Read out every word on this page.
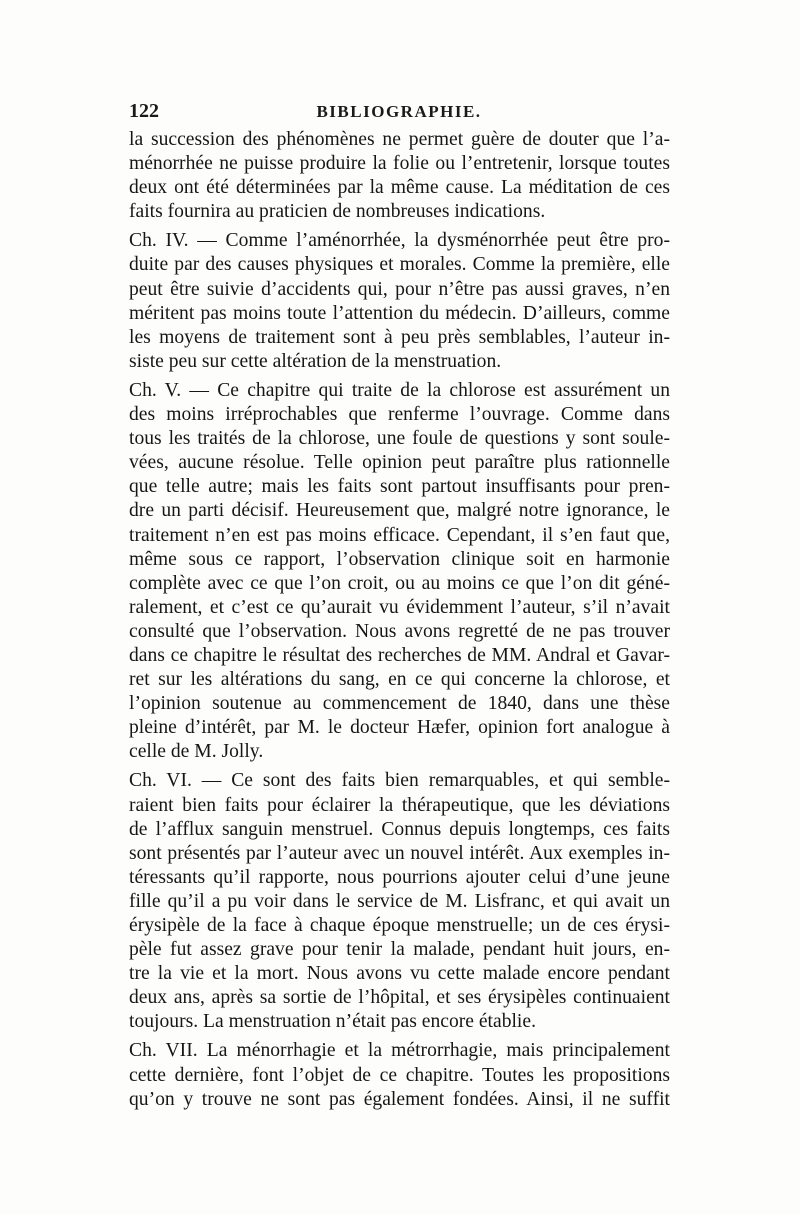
122	BIBLIOGRAPHIE.
la succession des phénomènes ne permet guère de douter que l’a-
ménorrhée ne puisse produire la folie ou l’entretenir, lorsque toutes
deux ont été déterminées par la même cause. La méditation de ces
faits fournira au praticien de nombreuses indications.
Ch. IV. — Comme l’aménorrhée, la dysménorrhée peut être pro-
duite par des causes physiques et morales. Comme la première, elle
peut être suivie d’accidents qui, pour n’être pas aussi graves, n’en
méritent pas moins toute l’attention du médecin. D’ailleurs, comme
les moyens de traitement sont à peu près semblables, l’auteur in-
siste peu sur cette altération de la menstruation.
Ch. V. — Ce chapitre qui traite de la chlorose est assurément un
des moins irréprochables que renferme l’ouvrage. Comme dans
tous les traités de la chlorose, une foule de questions y sont soule-
vées, aucune résolue. Telle opinion peut paraître plus rationnelle
que telle autre; mais les faits sont partout insuffisants pour pren-
dre un parti décisif. Heureusement que, malgré notre ignorance, le
traitement n’en est pas moins efficace. Cependant, il s’en faut que,
même sous ce rapport, l’observation clinique soit en harmonie
complète avec ce que l’on croit, ou au moins ce que l’on dit géné-
ralement, et c’est ce qu’aurait vu évidemment l’auteur, s’il n’avait
consulté que l’observation. Nous avons regretté de ne pas trouver
dans ce chapitre le résultat des recherches de MM. Andral et Gavar-
ret sur les altérations du sang, en ce qui concerne la chlorose, et
l’opinion soutenue au commencement de 1840, dans une thèse
pleine d’intérêt, par M. le docteur Hæfer, opinion fort analogue à
celle de M. Jolly.
Ch. VI. — Ce sont des faits bien remarquables, et qui semble-
raient bien faits pour éclairer la thérapeutique, que les déviations
de l’afflux sanguin menstruel. Connus depuis longtemps, ces faits
sont présentés par l’auteur avec un nouvel intérêt. Aux exemples in-
téressants qu’il rapporte, nous pourrions ajouter celui d’une jeune
fille qu’il a pu voir dans le service de M. Lisfranc, et qui avait un
érysipèle de la face à chaque époque menstruelle; un de ces érysi-
pèle fut assez grave pour tenir la malade, pendant huit jours, en-
tre la vie et la mort. Nous avons vu cette malade encore pendant
deux ans, après sa sortie de l’hôpital, et ses érysipèles continuaient
toujours. La menstruation n’était pas encore établie.
Ch. VII. La ménorrhagie et la métrorrhagie, mais principalement
cette dernière, font l’objet de ce chapitre. Toutes les propositions
qu’on y trouve ne sont pas également fondées. Ainsi, il ne suffit
